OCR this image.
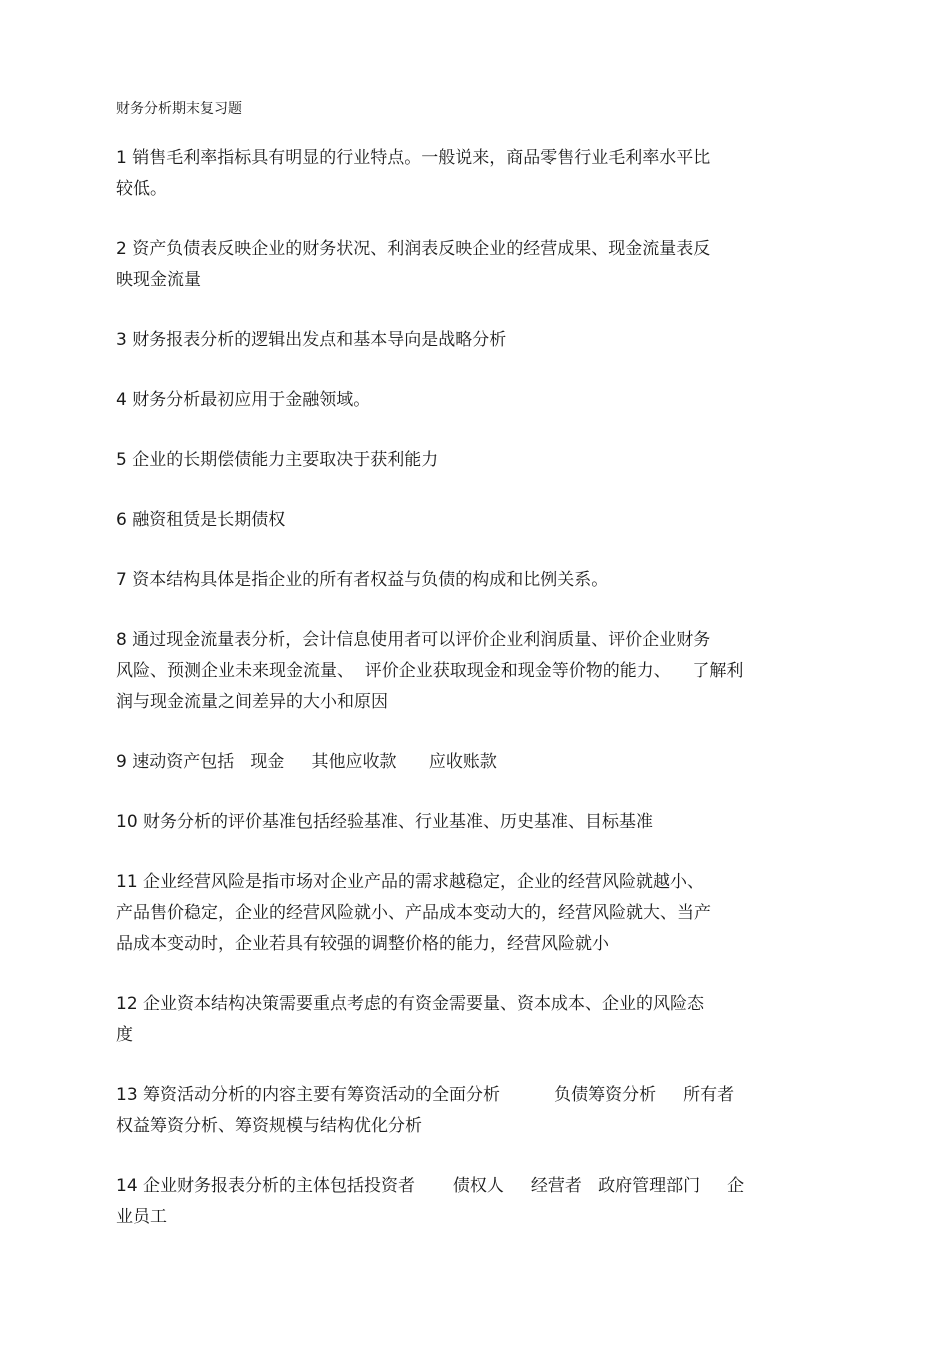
财务分析期末复习题
1 销售毛利率指标具有明显的行业特点。一般说来，商品零售行业毛利率水平比
较低。
2 资产负债表反映企业的财务状况、利润表反映企业的经营成果、现金流量表反
映现金流量
3 财务报表分析的逻辑出发点和基本导向是战略分析
4 财务分析最初应用于金融领域。
5 企业的长期偿债能力主要取决于获利能力
6 融资租赁是长期债权
7 资本结构具体是指企业的所有者权益与负债的构成和比例关系。
8 通过现金流量表分析，会计信息使用者可以评价企业利润质量、评价企业财务
风险、预测企业未来现金流量、  评价企业获取现金和现金等价物的能力、    了解利
润与现金流量之间差异的大小和原因
9 速动资产包括   现金     其他应收款      应收账款
10 财务分析的评价基准包括经验基准、行业基准、历史基准、目标基准
11 企业经营风险是指市场对企业产品的需求越稳定，企业的经营风险就越小、
产品售价稳定，企业的经营风险就小、产品成本变动大的，经营风险就大、当产
品成本变动时，企业若具有较强的调整价格的能力，经营风险就小
12 企业资本结构决策需要重点考虑的有资金需要量、资本成本、企业的风险态
度
13 筹资活动分析的内容主要有筹资活动的全面分析          负债筹资分析     所有者
权益筹资分析、筹资规模与结构优化分析
14 企业财务报表分析的主体包括投资者       债权人     经营者   政府管理部门     企
业员工
